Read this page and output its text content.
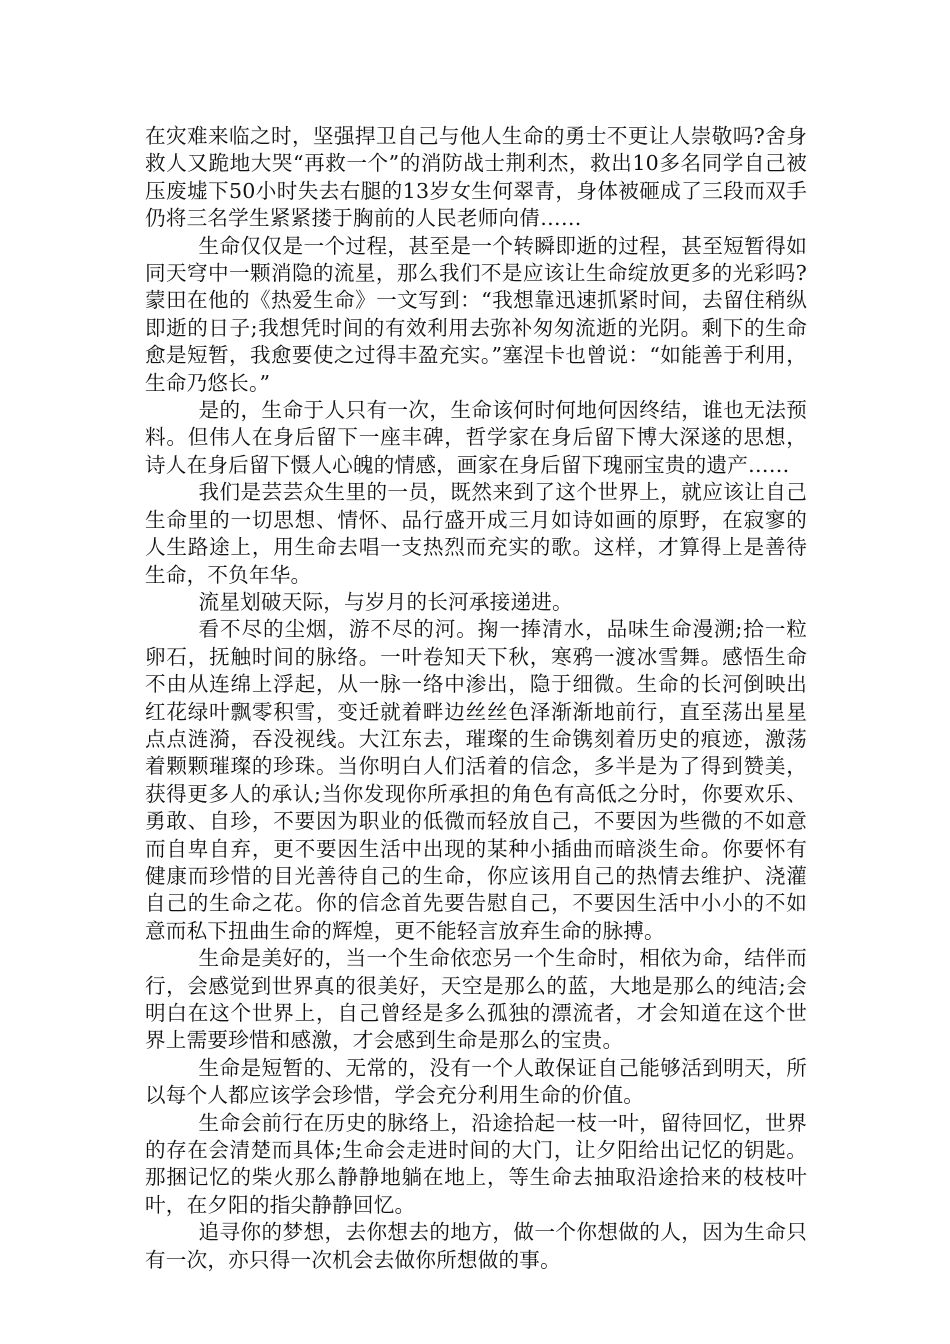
在灾难来临之时，坚强捍卫自己与他人生命的勇士不更让人崇敬吗?舍身救人又跪地大哭“再救一个”的消防战士荆利杰，救出10多名同学自己被压废墟下50小时失去右腿的13岁女生何翠青，身体被砸成了三段而双手仍将三名学生紧紧搂于胸前的人民老师向倩……

生命仅仅是一个过程，甚至是一个转瞬即逝的过程，甚至短暂得如同天穹中一颗消隐的流星，那么我们不是应该让生命绽放更多的光彩吗?蒙田在他的《热爱生命》一文写到：“我想靠迅速抓紧时间，去留住稍纵即逝的日子;我想凭时间的有效利用去弥补匆匆流逝的光阴。剩下的生命愈是短暂，我愈要使之过得丰盈充实。”塞涅卡也曾说：“如能善于利用，生命乃悠长。”

是的，生命于人只有一次，生命该何时何地何因终结，谁也无法预料。但伟人在身后留下一座丰碑，哲学家在身后留下博大深遂的思想，诗人在身后留下慑人心魄的情感，画家在身后留下瑰丽宝贵的遗产……

我们是芸芸众生里的一员，既然来到了这个世界上，就应该让自己生命里的一切思想、情怀、品行盛开成三月如诗如画的原野，在寂寥的人生路途上，用生命去唱一支热烈而充实的歌。这样，才算得上是善待生命，不负年华。

流星划破天际，与岁月的长河承接递进。

看不尽的尘烟，游不尽的河。掬一捧清水，品味生命漫溯;拾一粒卵石，抚触时间的脉络。一叶卷知天下秋，寒鸦一渡冰雪舞。感悟生命不由从连绵上浮起，从一脉一络中渗出，隐于细微。生命的长河倒映出红花绿叶飘零积雪，变迁就着畔边丝丝色泽渐渐地前行，直至荡出星星点点涟漪，吞没视线。大江东去，璀璨的生命镌刻着历史的痕迹，激荡着颗颗璀璨的珍珠。当你明白人们活着的信念，多半是为了得到赞美，获得更多人的承认;当你发现你所承担的角色有高低之分时，你要欢乐、勇敢、自珍，不要因为职业的低微而轻放自己，不要因为些微的不如意而自卑自弃，更不要因生活中出现的某种小插曲而暗淡生命。你要怀有健康而珍惜的目光善待自己的生命，你应该用自己的热情去维护、浇灌自己的生命之花。你的信念首先要告慰自己，不要因生活中小小的不如意而私下扭曲生命的辉煌，更不能轻言放弃生命的脉搏。

生命是美好的，当一个生命依恋另一个生命时，相依为命，结伴而行，会感觉到世界真的很美好，天空是那么的蓝，大地是那么的纯洁;会明白在这个世界上，自己曾经是多么孤独的漂流者，才会知道在这个世界上需要珍惜和感激，才会感到生命是那么的宝贵。

生命是短暂的、无常的，没有一个人敢保证自己能够活到明天，所以每个人都应该学会珍惜，学会充分利用生命的价值。

生命会前行在历史的脉络上，沿途拾起一枝一叶，留待回忆，世界的存在会清楚而具体;生命会走进时间的大门，让夕阳给出记忆的钥匙。那捆记忆的柴火那么静静地躺在地上，等生命去抽取沿途拾来的枝枝叶叶，在夕阳的指尖静静回忆。

追寻你的梦想，去你想去的地方，做一个你想做的人，因为生命只有一次，亦只得一次机会去做你所想做的事。
